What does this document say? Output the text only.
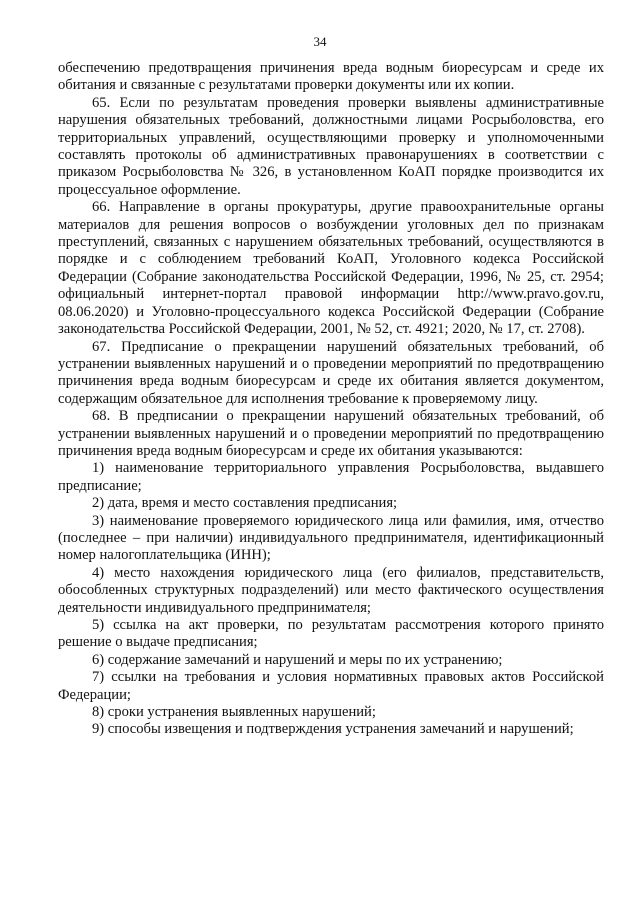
34

обеспечению предотвращения причинения вреда водным биоресурсам и среде их обитания и связанные с результатами проверки документы или их копии.

65. Если по результатам проведения проверки выявлены административные нарушения обязательных требований, должностными лицами Росрыболовства, его территориальных управлений, осуществляющими проверку и уполномоченными составлять протоколы об административных правонарушениях в соответствии с приказом Росрыболовства № 326, в установленном КоАП порядке производится их процессуальное оформление.

66. Направление в органы прокуратуры, другие правоохранительные органы материалов для решения вопросов о возбуждении уголовных дел по признакам преступлений, связанных с нарушением обязательных требований, осуществляются в порядке и с соблюдением требований КоАП, Уголовного кодекса Российской Федерации (Собрание законодательства Российской Федерации, 1996, № 25, ст. 2954; официальный интернет-портал правовой информации http://www.pravo.gov.ru, 08.06.2020) и Уголовно-процессуального кодекса Российской Федерации (Собрание законодательства Российской Федерации, 2001, № 52, ст. 4921; 2020, № 17, ст. 2708).

67. Предписание о прекращении нарушений обязательных требований, об устранении выявленных нарушений и о проведении мероприятий по предотвращению причинения вреда водным биоресурсам и среде их обитания является документом, содержащим обязательное для исполнения требование к проверяемому лицу.

68. В предписании о прекращении нарушений обязательных требований, об устранении выявленных нарушений и о проведении мероприятий по предотвращению причинения вреда водным биоресурсам и среде их обитания указываются:

1) наименование территориального управления Росрыболовства, выдавшего предписание;

2) дата, время и место составления предписания;

3) наименование проверяемого юридического лица или фамилия, имя, отчество (последнее – при наличии) индивидуального предпринимателя, идентификационный номер налогоплательщика (ИНН);

4) место нахождения юридического лица (его филиалов, представительств, обособленных структурных подразделений) или место фактического осуществления деятельности индивидуального предпринимателя;

5) ссылка на акт проверки, по результатам рассмотрения которого принято решение о выдаче предписания;

6) содержание замечаний и нарушений и меры по их устранению;

7) ссылки на требования и условия нормативных правовых актов Российской Федерации;

8) сроки устранения выявленных нарушений;

9) способы извещения и подтверждения устранения замечаний и нарушений;
